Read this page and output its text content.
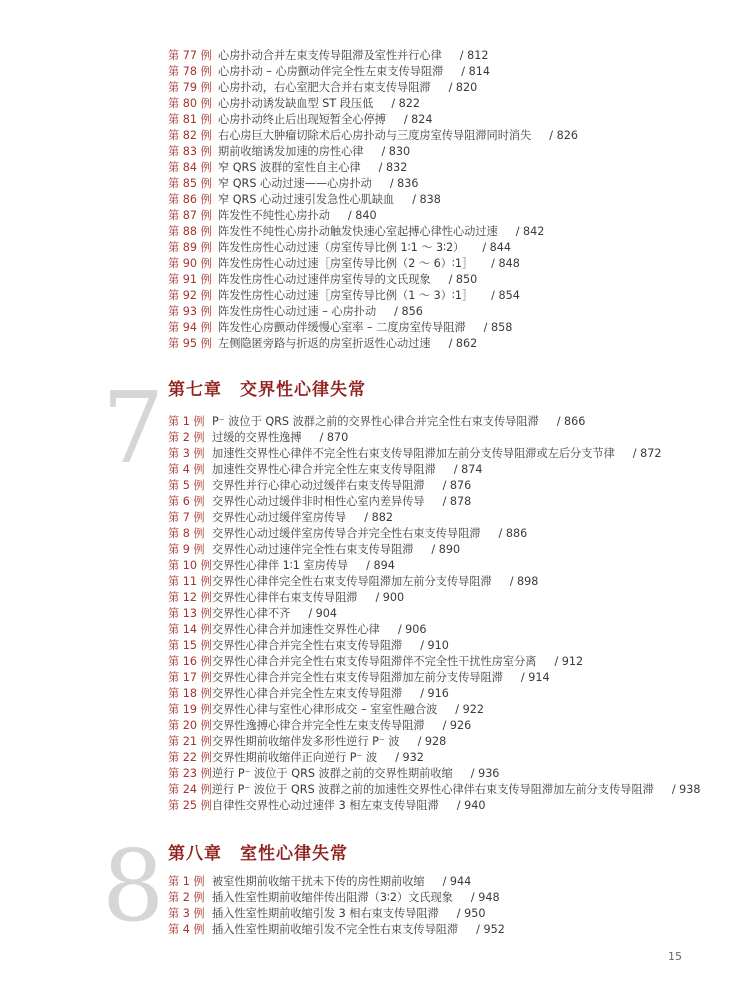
第 77 例 心房扑动合并左束支传导阻滞及室性并行心律 / 812
第 78 例 心房扑动 – 心房颤动伴完全性左束支传导阻滞 / 814
第 79 例 心房扑动，右心室肥大合并右束支传导阻滞 / 820
第 80 例 心房扑动诱发缺血型 ST 段压低 / 822
第 81 例 心房扑动终止后出现短暂全心停搏 / 824
第 82 例 右心房巨大肿瘤切除术后心房扑动与三度房室传导阻滞同时消失 / 826
第 83 例 期前收缩诱发加速的房性心律 / 830
第 84 例 窄 QRS 波群的室性自主心律 / 832
第 85 例 窄 QRS 心动过速——心房扑动 / 836
第 86 例 窄 QRS 心动过速引发急性心肌缺血 / 838
第 87 例 阵发性不纯性心房扑动 / 840
第 88 例 阵发性不纯性心房扑动触发快速心室起搏心律性心动过速 / 842
第 89 例 阵发性房性心动过速（房室传导比例 1∶1 ～ 3∶2） / 844
第 90 例 阵发性房性心动过速［房室传导比例（2 ～ 6）∶1］ / 848
第 91 例 阵发性房性心动过速伴房室传导的文氏现象 / 850
第 92 例 阵发性房性心动过速［房室传导比例（1 ～ 3）∶1］ / 854
第 93 例 阵发性房性心动过速 – 心房扑动 / 856
第 94 例 阵发性心房颤动伴缓慢心室率 – 二度房室传导阻滞 / 858
第 95 例 左侧隐匿旁路与折返的房室折返性心动过速 / 862
7 第七章　交界性心律失常
第 1 例 P⁻ 波位于 QRS 波群之前的交界性心律合并完全性右束支传导阻滞 / 866
第 2 例 过缓的交界性逸搏 / 870
第 3 例 加速性交界性心律伴不完全性右束支传导阻滞加左前分支传导阻滞或左后分支节律 / 872
第 4 例 加速性交界性心律合并完全性左束支传导阻滞 / 874
第 5 例 交界性并行心律心动过缓伴右束支传导阻滞 / 876
第 6 例 交界性心动过缓伴非时相性心室内差异传导 / 878
第 7 例 交界性心动过缓伴室房传导 / 882
第 8 例 交界性心动过缓伴室房传导合并完全性右束支传导阻滞 / 886
第 9 例 交界性心动过速伴完全性右束支传导阻滞 / 890
第 10 例 交界性心律伴 1∶1 室房传导 / 894
第 11 例 交界性心律伴完全性右束支传导阻滞加左前分支传导阻滞 / 898
第 12 例 交界性心律伴右束支传导阻滞 / 900
第 13 例 交界性心律不齐 / 904
第 14 例 交界性心律合并加速性交界性心律 / 906
第 15 例 交界性心律合并完全性右束支传导阻滞 / 910
第 16 例 交界性心律合并完全性右束支传导阻滞伴不完全性干扰性房室分离 / 912
第 17 例 交界性心律合并完全性右束支传导阻滞加左前分支传导阻滞 / 914
第 18 例 交界性心律合并完全性左束支传导阻滞 / 916
第 19 例 交界性心律与室性心律形成交 – 室室性融合波 / 922
第 20 例 交界性逸搏心律合并完全性左束支传导阻滞 / 926
第 21 例 交界性期前收缩伴发多形性逆行 P⁻ 波 / 928
第 22 例 交界性期前收缩伴正向逆行 P⁻ 波 / 932
第 23 例 逆行 P⁻ 波位于 QRS 波群之前的交界性期前收缩 / 936
第 24 例 逆行 P⁻ 波位于 QRS 波群之前的加速性交界性心律伴右束支传导阻滞加左前分支传导阻滞 / 938
第 25 例 自律性交界性心动过速伴 3 相左束支传导阻滞 / 940
8 第八章　室性心律失常
第 1 例 被室性期前收缩干扰未下传的房性期前收缩 / 944
第 2 例 插入性室性期前收缩伴传出阻滞（3∶2）文氏现象 / 948
第 3 例 插入性室性期前收缩引发 3 相右束支传导阻滞 / 950
第 4 例 插入性室性期前收缩引发不完全性右束支传导阻滞 / 952
15
